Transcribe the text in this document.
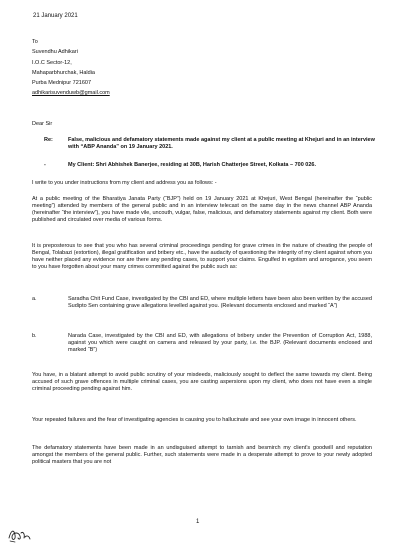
21 January 2021
To
Suvendhu Adhikari
I.O.C Sector-12,
Mahaparbhurchak, Haldia
Purba Mednipur 721607
adhikarisuvenduwb@gmail.com
Dear Sir
Re:	False, malicious and defamatory statements made against my client at a public meeting at Khejuri and in an interview with “ABP Ananda” on 19 January 2021.
-	My Client: Shri Abhishek Banerjee, residing at 30B, Harish Chatterjee Street, Kolkata – 700 026.
I write to you under instructions from my client and address you as follows: -
At a public meeting of the Bharatiya Janata Party (“BJP”) held on 19 January 2021 at Khejuri, West Bengal (hereinafter the “public meeting”) attended by members of the general public and in an interview telecast on the same day in the news channel ABP Ananda (hereinafter “the interview”), you have made vile, uncouth, vulgar, false, malicious, and defamatory statements against my client. Both were published and circulated over media of various forms.
It is preposterous to see that you who has several criminal proceedings pending for grave crimes in the nature of cheating the people of Bengal, Tolabazi (extortion), illegal gratification and bribery etc., have the audacity of questioning the integrity of my client against whom you have neither placed any evidence nor are there any pending cases, to support your claims. Engulfed in egotism and arrogance, you seem to you have forgotten about your many crimes committed against the public such as:
a.	Saradha Chit Fund Case, investigated by the CBI and ED, where multiple letters have been also been written by the accused Sudipto Sen containing grave allegations levelled against you. (Relevant documents enclosed and marked “A”)
b.	Narada Case, investigated by the CBI and ED, with allegations of bribery under the Prevention of Corruption Act, 1988, against you which were caught on camera and released by your party, i.e. the BJP. (Relevant documents enclosed and marked “B”)
You have, in a blatant attempt to avoid public scrutiny of your misdeeds, maliciously sought to deflect the same towards my client. Being accused of such grave offences in multiple criminal cases, you are casting aspersions upon my client, who does not have even a single criminal proceeding pending against him.
Your repeated failures and the fear of investigating agencies is causing you to hallucinate and see your own image in innocent others.
The defamatory statements have been made in an undisguised attempt to tarnish and besmirch my client’s goodwill and reputation amongst the members of the general public. Further, such statements were made in a desperate attempt to prove to your newly adopted political masters that you are not
1
